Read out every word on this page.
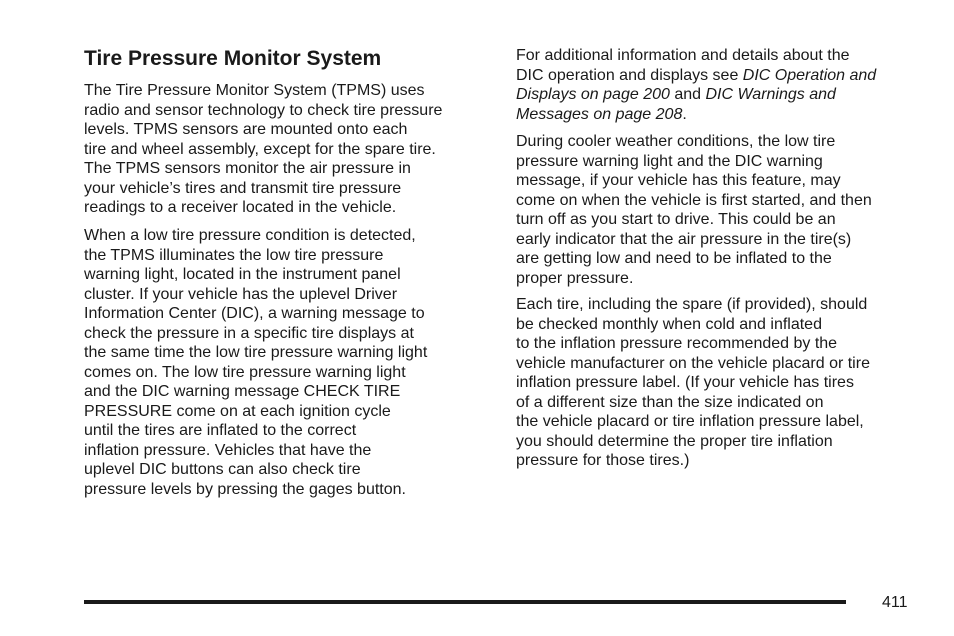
Tire Pressure Monitor System

The Tire Pressure Monitor System (TPMS) uses
radio and sensor technology to check tire pressure
levels. TPMS sensors are mounted onto each
tire and wheel assembly, except for the spare tire.
The TPMS sensors monitor the air pressure in
your vehicle’s tires and transmit tire pressure
readings to a receiver located in the vehicle.

When a low tire pressure condition is detected,
the TPMS illuminates the low tire pressure
warning light, located in the instrument panel
cluster. If your vehicle has the uplevel Driver
Information Center (DIC), a warning message to
check the pressure in a specific tire displays at
the same time the low tire pressure warning light
comes on. The low tire pressure warning light
and the DIC warning message CHECK TIRE
PRESSURE come on at each ignition cycle
until the tires are inflated to the correct
inflation pressure. Vehicles that have the
uplevel DIC buttons can also check tire
pressure levels by pressing the gages button.

For additional information and details about the
DIC operation and displays see DIC Operation and
Displays on page 200 and DIC Warnings and
Messages on page 208.

During cooler weather conditions, the low tire
pressure warning light and the DIC warning
message, if your vehicle has this feature, may
come on when the vehicle is first started, and then
turn off as you start to drive. This could be an
early indicator that the air pressure in the tire(s)
are getting low and need to be inflated to the
proper pressure.

Each tire, including the spare (if provided), should
be checked monthly when cold and inflated
to the inflation pressure recommended by the
vehicle manufacturer on the vehicle placard or tire
inflation pressure label. (If your vehicle has tires
of a different size than the size indicated on
the vehicle placard or tire inflation pressure label,
you should determine the proper tire inflation
pressure for those tires.)

411
